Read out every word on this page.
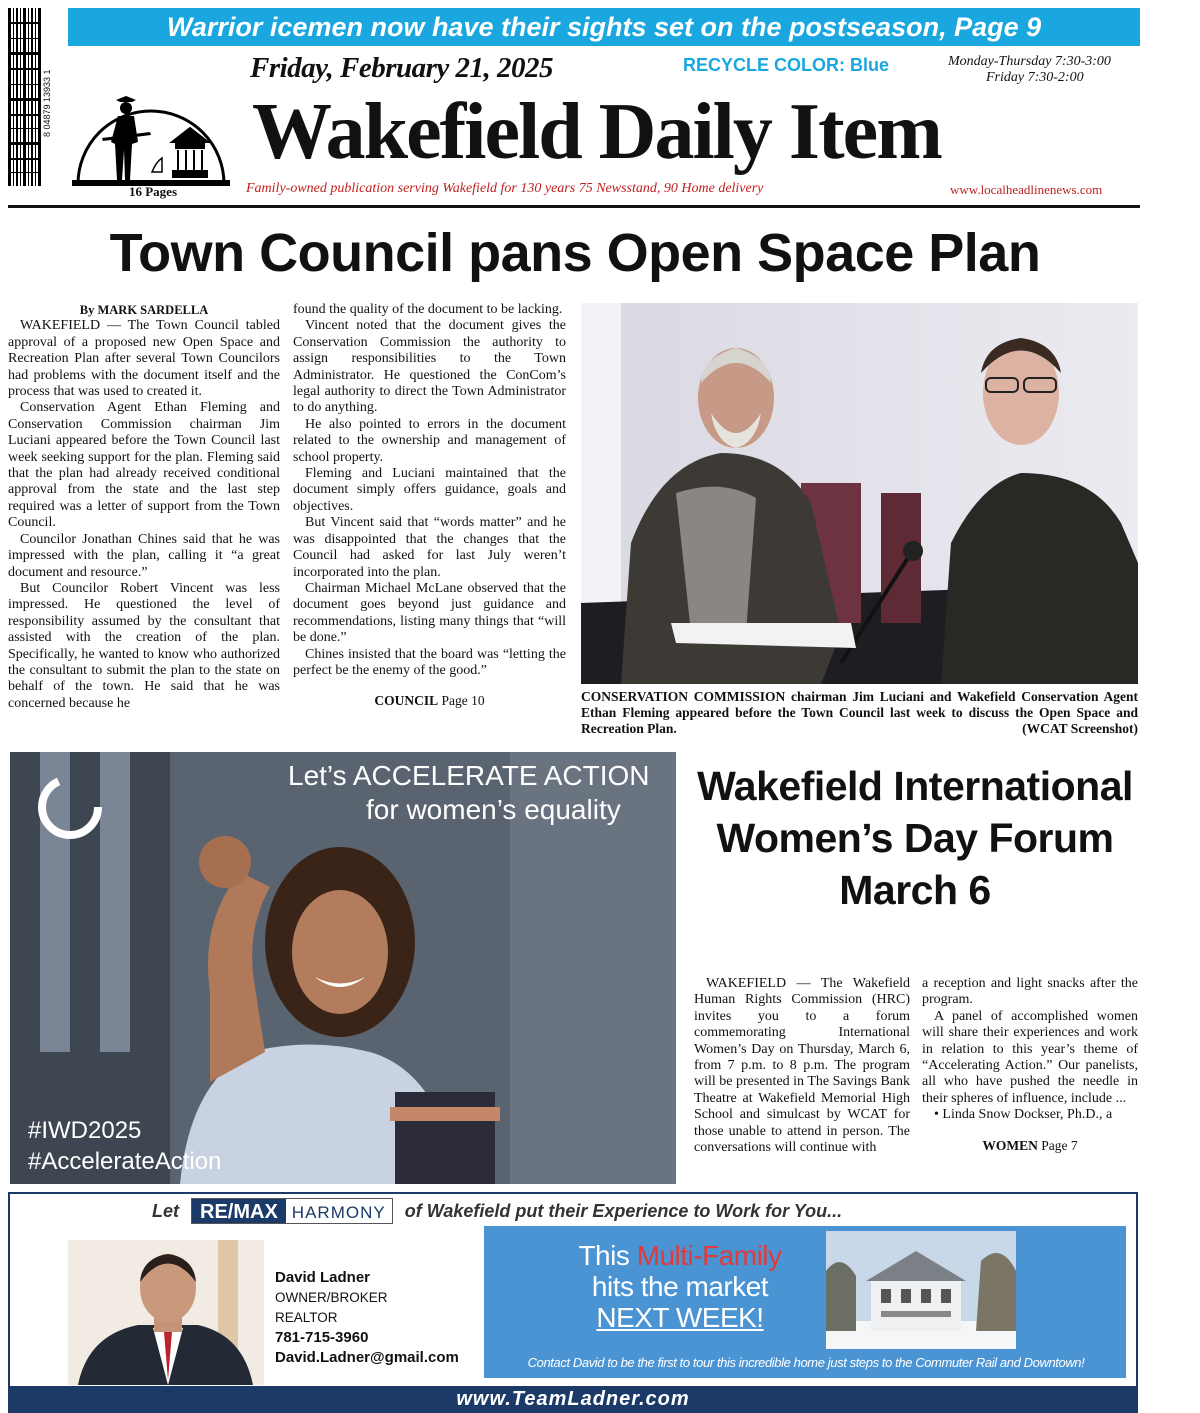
Warrior icemen now have their sights set on the postseason, Page 9
8 04879 13933 1
16 Pages
Friday, February 21, 2025	RECYCLE COLOR: Blue	Monday-Thursday 7:30-3:00
Friday 7:30-2:00
Wakefield Daily Item
Family-owned publication serving Wakefield for 130 years 75 Newsstand, 90 Home delivery	www.localheadlinenews.com
Town Council pans Open Space Plan

By MARK SARDELLA

WAKEFIELD — The Town Council tabled approval of a proposed new Open Space and Recreation Plan after several Town Councilors had problems with the document itself and the process that was used to created it.

Conservation Agent Ethan Fleming and Conservation Commission chairman Jim Luciani appeared before the Town Council last week seeking support for the plan. Fleming said that the plan had already received conditional approval from the state and the last step required was a letter of support from the Town Council.

Councilor Jonathan Chines said that he was impressed with the plan, calling it “a great document and resource.”

But Councilor Robert Vincent was less impressed. He questioned the level of responsibility assumed by the consultant that assisted with the creation of the plan. Specifically, he wanted to know who authorized the consultant to submit the plan to the state on behalf of the town. He said that he was concerned because he

found the quality of the document to be lacking.

Vincent noted that the document gives the Conservation Commission the authority to assign responsibilities to the Town Administrator. He questioned the ConCom’s legal authority to direct the Town Administrator to do anything.

He also pointed to errors in the document related to the ownership and management of school property.

Fleming and Luciani maintained that the document simply offers guidance, goals and objectives.

But Vincent said that “words matter” and he was disappointed that the changes that the Council had asked for last July weren’t incorporated into the plan.

Chairman Michael McLane observed that the document goes beyond just guidance and recommendations, listing many things that “will be done.”

Chines insisted that the board was “letting the perfect be the enemy of the good.”

COUNCIL Page 10	CONSERVATION COMMISSION chairman Jim Luciani and Wakefield Conservation Agent Ethan Fleming appeared before the Town Council last week to discuss the Open Space and Recreation Plan.	(WCAT Screenshot)
Let’s ACCELERATE ACTION
for women’s equality
#IWD2025
#AccelerateAction
Wakefield International Women’s Day Forum March 6

WAKEFIELD — The Wakefield Human Rights Commission (HRC) invites you to a forum commemorating International Women’s Day on Thursday, March 6, from 7 p.m. to 8 p.m. The program will be presented in The Savings Bank Theatre at Wakefield Memorial High School and simulcast by WCAT for those unable to attend in person. The conversations will continue with

a reception and light snacks after the program.

A panel of accomplished women will share their experiences and work in relation to this year’s theme of “Accelerating Action.” Our panelists, all who have pushed the needle in their spheres of influence, include ...

• Linda Snow Dockser, Ph.D., a

WOMEN Page 7

Let	RE/MAX HARMONY	of Wakefield put their Experience to Work for You...
David Ladner
OWNER/BROKER
REALTOR
781-715-3960
David.Ladner@gmail.com
This Multi-Family
hits the market
NEXT WEEK!
Contact David to be the first to tour this incredible home just steps to the Commuter Rail and Downtown!
www.TeamLadner.com
